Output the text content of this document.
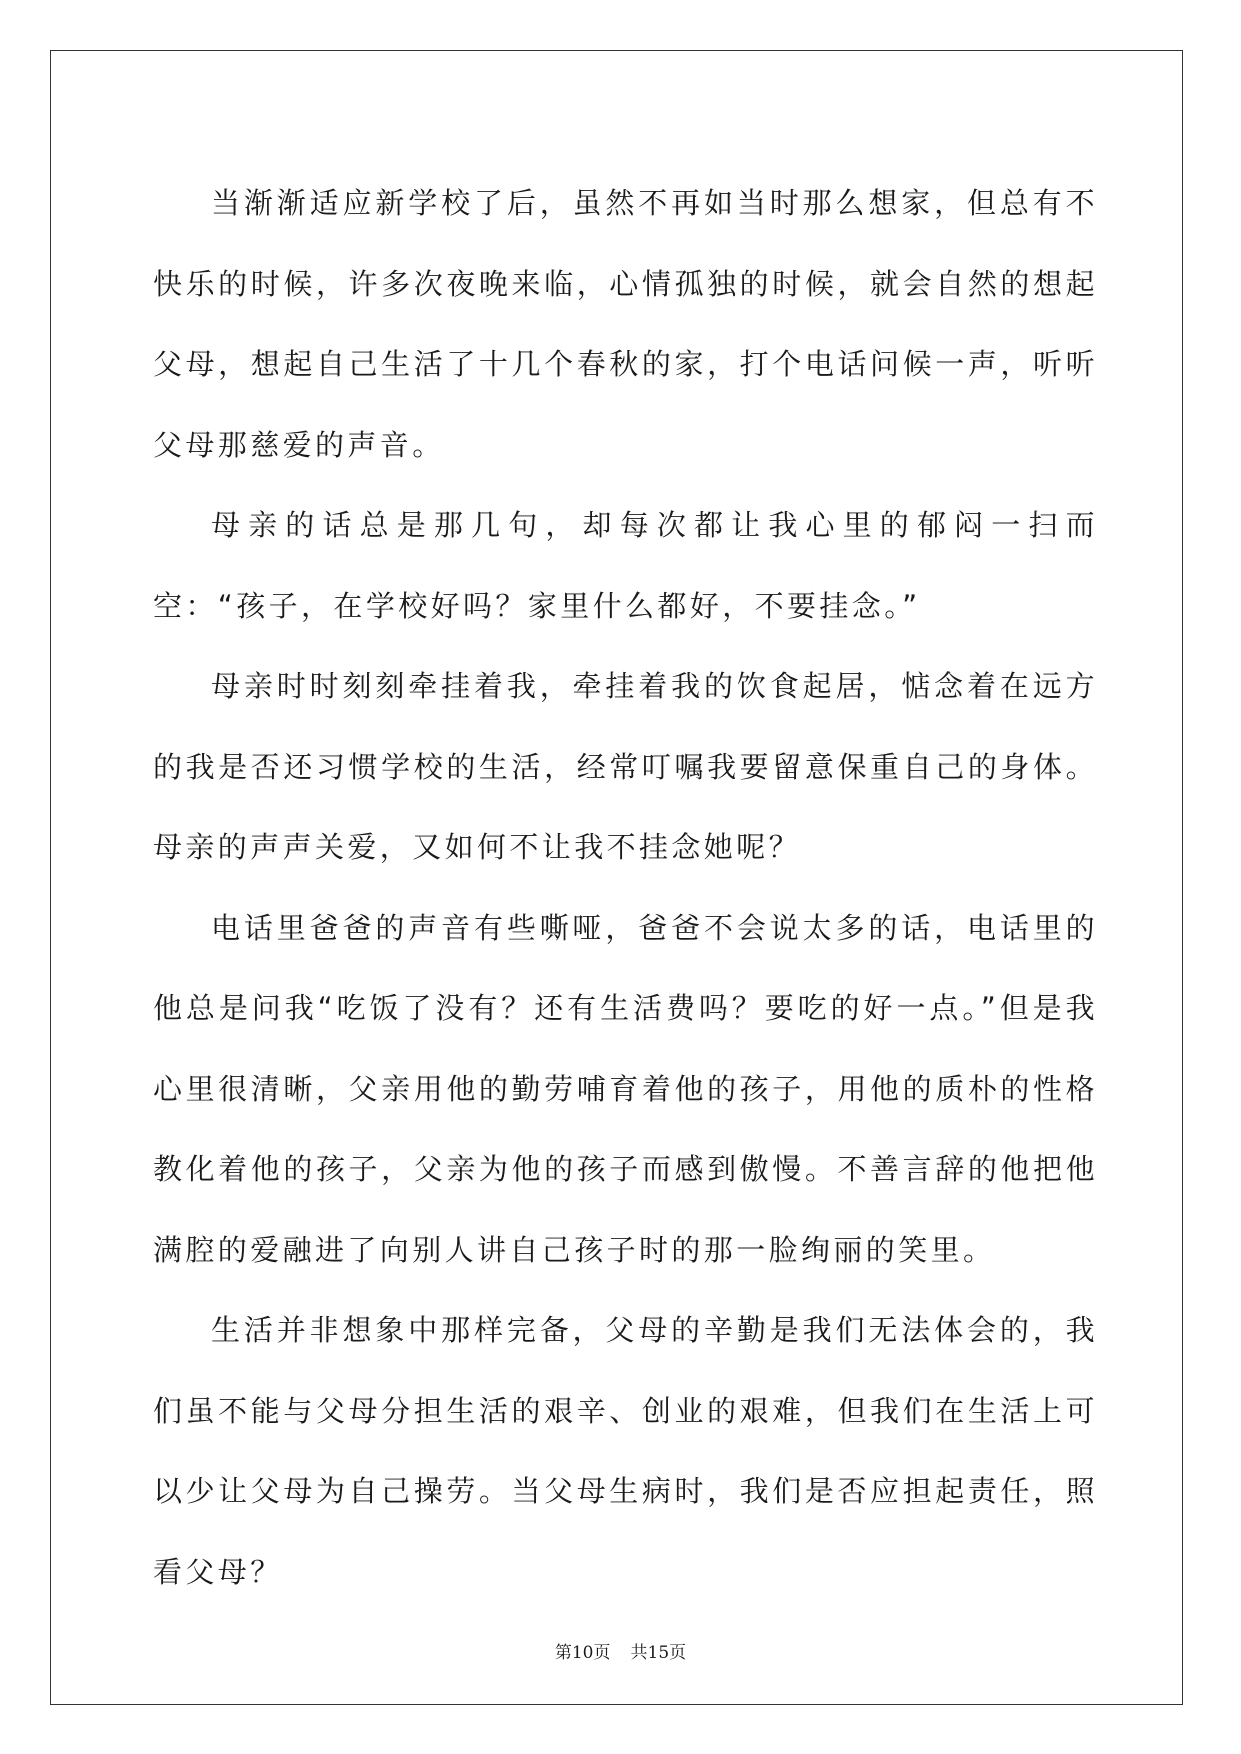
当渐渐适应新学校了后，虽然不再如当时那么想家，但总有不快乐的时候，许多次夜晚来临，心情孤独的时候，就会自然的想起父母，想起自己生活了十几个春秋的家，打个电话问候一声，听听父母那慈爱的声音。

母亲的话总是那几句，却每次都让我心里的郁闷一扫而空：“孩子，在学校好吗？家里什么都好，不要挂念。”

母亲时时刻刻牵挂着我，牵挂着我的饮食起居，惦念着在远方的我是否还习惯学校的生活，经常叮嘱我要留意保重自己的身体。母亲的声声关爱，又如何不让我不挂念她呢？

电话里爸爸的声音有些嘶哑，爸爸不会说太多的话，电话里的他总是问我“吃饭了没有？还有生活费吗？要吃的好一点。”但是我心里很清晰，父亲用他的勤劳哺育着他的孩子，用他的质朴的性格教化着他的孩子，父亲为他的孩子而感到傲慢。不善言辞的他把他满腔的爱融进了向别人讲自己孩子时的那一脸绚丽的笑里。

生活并非想象中那样完备，父母的辛勤是我们无法体会的，我们虽不能与父母分担生活的艰辛、创业的艰难，但我们在生活上可以少让父母为自己操劳。当父母生病时，我们是否应担起责任，照看父母？

第10页 共15页
